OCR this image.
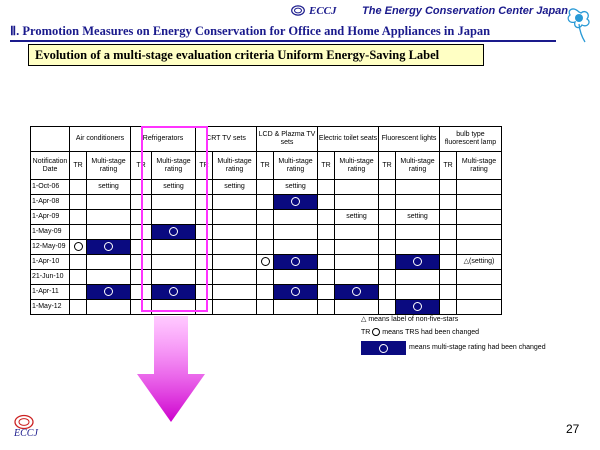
ECCJ The Energy Conservation Center Japan
Ⅱ. Promotion Measures on Energy Conservation for Office and Home Appliances in Japan
Evolution of a multi-stage evaluation criteria Uniform Energy-Saving Label
	Air conditioners		Refrigerators		CRT TV sets		LCD & Plazma TV sets		Electric toilet seats		Fluorescent lights		bulb type fluorescent lamp	
Notification Date	TR	Multi-stage rating	TR	Multi-stage rating	TR	Multi-stage rating	TR	Multi-stage rating	TR	Multi-stage rating	TR	Multi-stage rating	TR	Multi-stage rating
1-Oct-06		setting		setting		setting		setting						
1-Apr-08														
1-Apr-09										setting		setting		
1-May-09														
12-May-09														
1-Apr-10														△(setting)
21-Jun-10														
1-Apr-11														
1-May-12														
△ means label of non-five-stars
TR means TRS had been changed
means multi-stage rating had been changed
ECCJ	27
